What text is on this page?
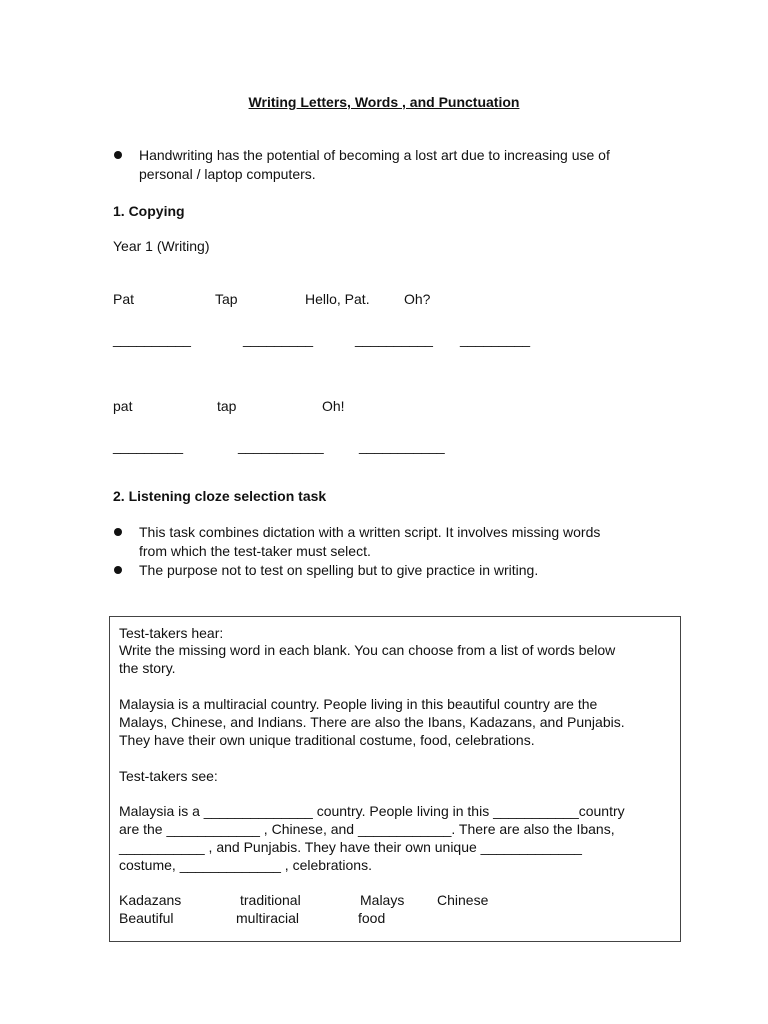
Writing Letters, Words , and Punctuation
Handwriting has the potential of becoming a lost art due to increasing use of
personal / laptop computers.
1. Copying
Year 1 (Writing)
Pat	Tap	Hello, Pat. Oh?
__________	_________	__________ _________
pat	tap	Oh!
_________	___________	___________
2. Listening cloze selection task
This task combines dictation with a written script. It involves missing words
from which the test-taker must select.
The purpose not to test on spelling but to give practice in writing.
Test-takers hear:
Write the missing word in each blank. You can choose from a list of words below
the story.
Malaysia is a multiracial country. People living in this beautiful country are the
Malays, Chinese, and Indians. There are also the Ibans, Kadazans, and Punjabis.
They have their own unique traditional costume, food, celebrations.
Test-takers see:
Malaysia is a ______________ country. People living in this ___________country
are the ____________ , Chinese, and ____________. There are also the Ibans,
___________ , and Punjabis. They have their own unique _____________
costume, _____________ , celebrations.
Kadazans	traditional	Malays Chinese
Beautiful	multiracial	food
